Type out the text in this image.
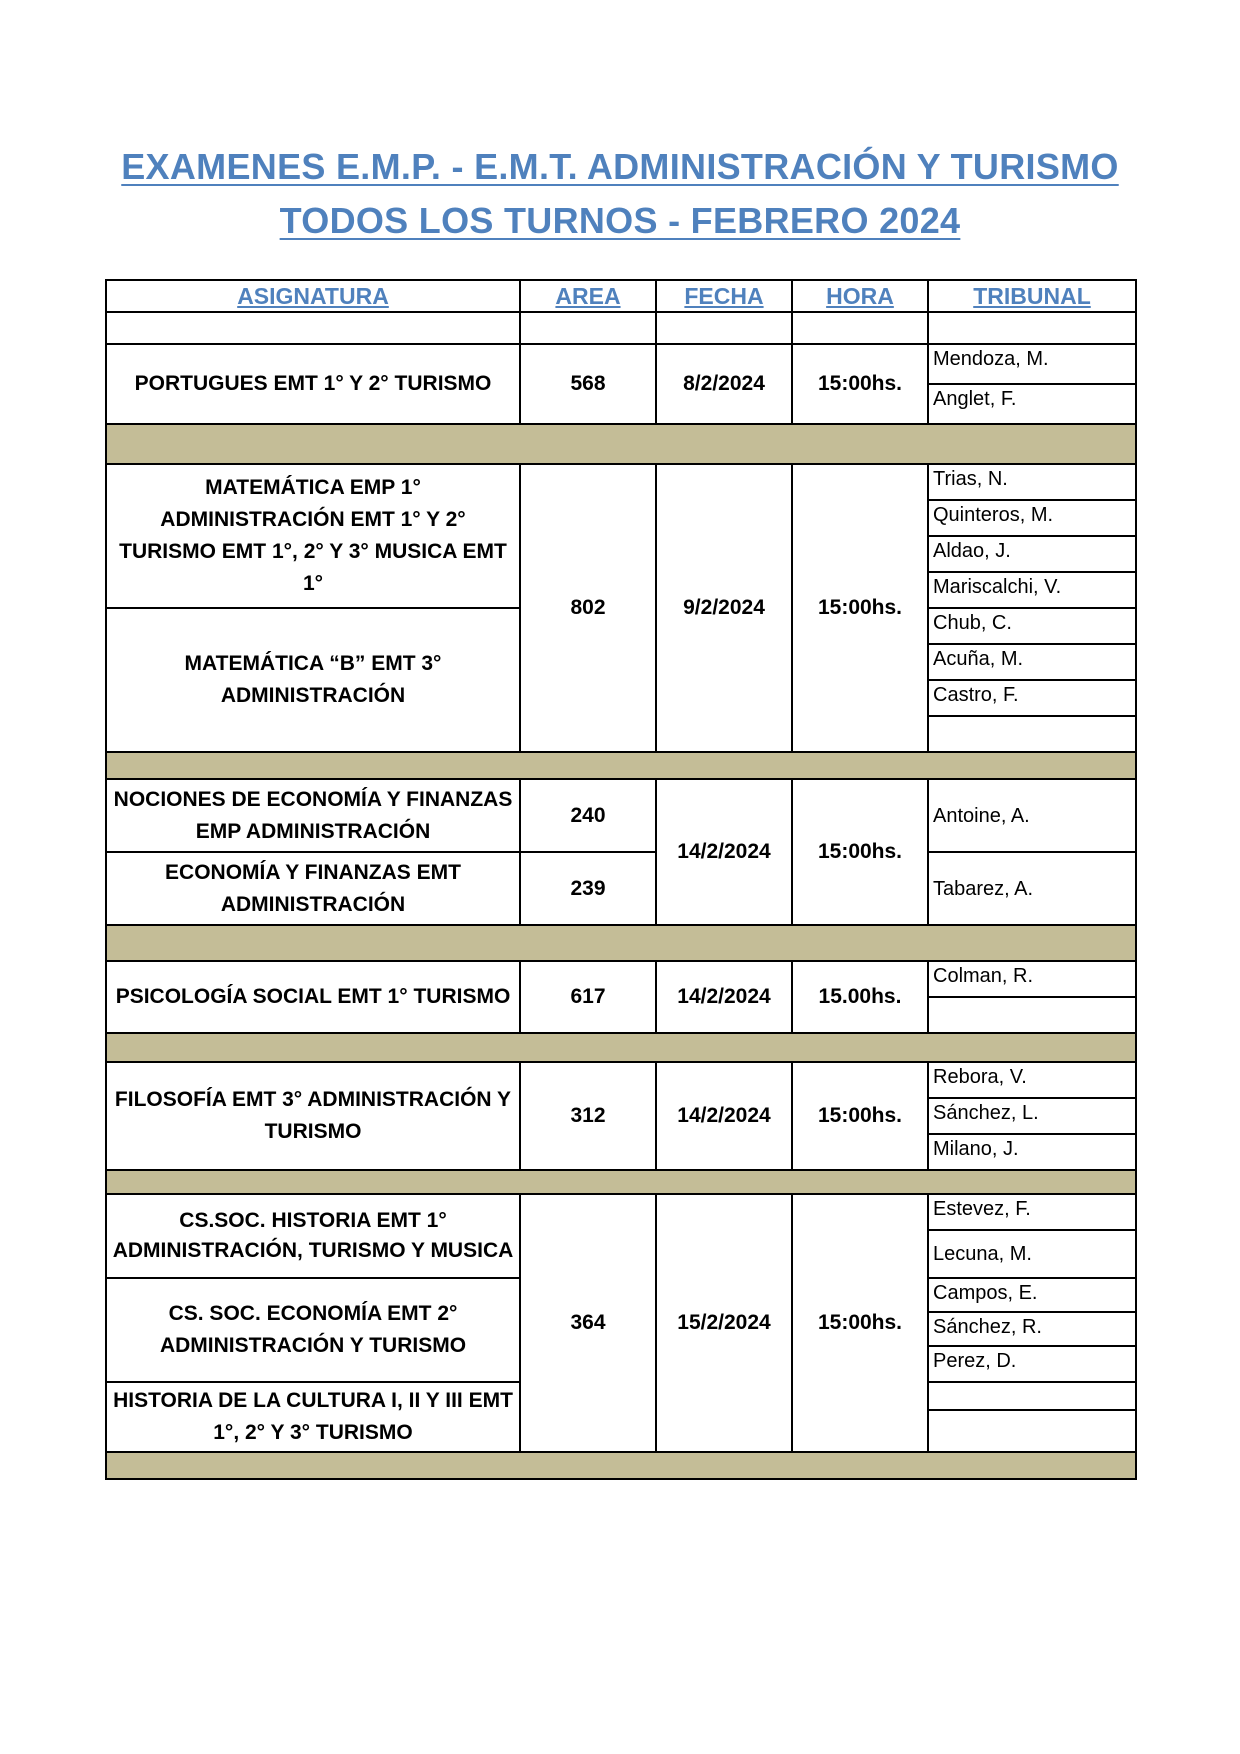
EXAMENES E.M.P. - E.M.T. ADMINISTRACIÓN Y TURISMO
TODOS LOS TURNOS - FEBRERO 2024
ASIGNATURA	AREA	FECHA	HORA	TRIBUNAL

PORTUGUES EMT 1° Y 2° TURISMO	568	8/2/2024	15:00hs.	Mendoza, M.
				Anglet, F.

MATEMÁTICA EMP 1° ADMINISTRACIÓN EMT 1° Y 2° TURISMO EMT 1°, 2° Y 3° MUSICA EMT 1°	802	9/2/2024	15:00hs.	Trias, N.
				Quinteros, M.
				Aldao, J.
				Mariscalchi, V.
MATEMÁTICA “B” EMT 3° ADMINISTRACIÓN				Chub, C.
				Acuña, M.
				Castro, F.

NOCIONES DE ECONOMÍA Y FINANZAS EMP ADMINISTRACIÓN	240	14/2/2024	15:00hs.	Antoine, A.
ECONOMÍA Y FINANZAS EMT ADMINISTRACIÓN	239			Tabarez, A.

PSICOLOGÍA SOCIAL EMT 1° TURISMO	617	14/2/2024	15.00hs.	Colman, R.

FILOSOFÍA EMT 3° ADMINISTRACIÓN Y TURISMO	312	14/2/2024	15:00hs.	Rebora, V.
				Sánchez, L.
				Milano, J.

CS.SOC. HISTORIA EMT 1° ADMINISTRACIÓN, TURISMO Y MUSICA	364	15/2/2024	15:00hs.	Estevez, F.
				Lecuna, M.
CS. SOC. ECONOMÍA EMT 2° ADMINISTRACIÓN Y TURISMO				Campos, E.
				Sánchez, R.
				Perez, D.
HISTORIA DE LA CULTURA I, II Y III EMT 1°, 2° Y 3° TURISMO				
